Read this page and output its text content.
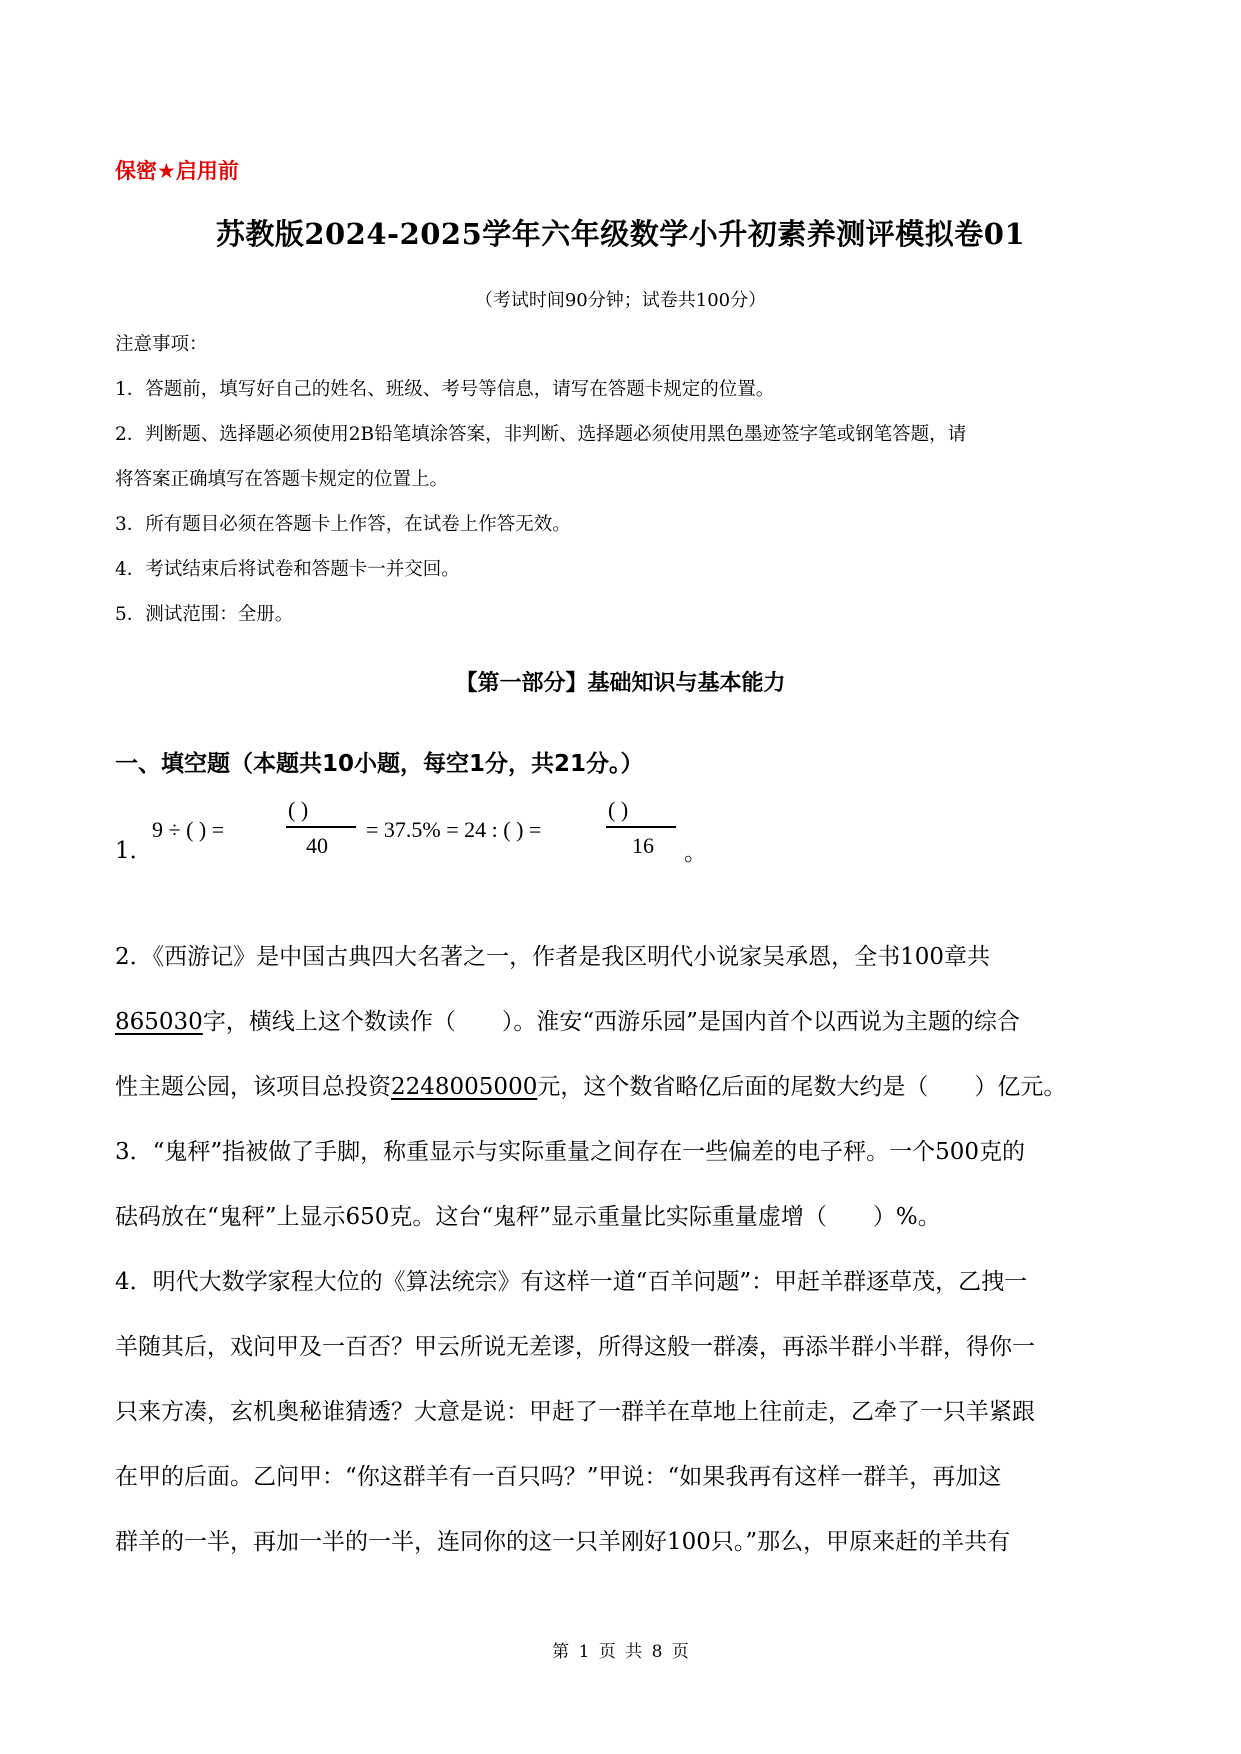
保密★启用前
苏教版2024-2025学年六年级数学小升初素养测评模拟卷01
（考试时间90分钟；试卷共100分）
注意事项：
1．答题前，填写好自己的姓名、班级、考号等信息，请写在答题卡规定的位置。
2．判断题、选择题必须使用2B铅笔填涂答案，非判断、选择题必须使用黑色墨迹签字笔或钢笔答题，请
将答案正确填写在答题卡规定的位置上。
3．所有题目必须在答题卡上作答，在试卷上作答无效。
4．考试结束后将试卷和答题卡一并交回。
5．测试范围：全册。
【第一部分】基础知识与基本能力
一、填空题（本题共10小题，每空1分，共21分。）
1．
9 ÷ ( ) =
( )
40
= 37.5% = 24 : ( ) =
( )
16 。
2．《西游记》是中国古典四大名著之一，作者是我区明代小说家吴承恩，全书100章共
865030字，横线上这个数读作（　　）。淮安“西游乐园”是国内首个以西说为主题的综合
性主题公园，该项目总投资2248005000元，这个数省略亿后面的尾数大约是（　　）亿元。
3．“鬼秤”指被做了手脚，称重显示与实际重量之间存在一些偏差的电子秤。一个500克的
砝码放在“鬼秤”上显示650克。这台“鬼秤”显示重量比实际重量虚增（　　）%。
4．明代大数学家程大位的《算法统宗》有这样一道“百羊问题”：甲赶羊群逐草茂，乙拽一
羊随其后，戏问甲及一百否？甲云所说无差谬，所得这般一群凑，再添半群小半群，得你一
只来方凑，玄机奥秘谁猜透？大意是说：甲赶了一群羊在草地上往前走，乙牵了一只羊紧跟
在甲的后面。乙问甲：“你这群羊有一百只吗？”甲说：“如果我再有这样一群羊，再加这
群羊的一半，再加一半的一半，连同你的这一只羊刚好100只。”那么，甲原来赶的羊共有
第 1 页 共 8 页
